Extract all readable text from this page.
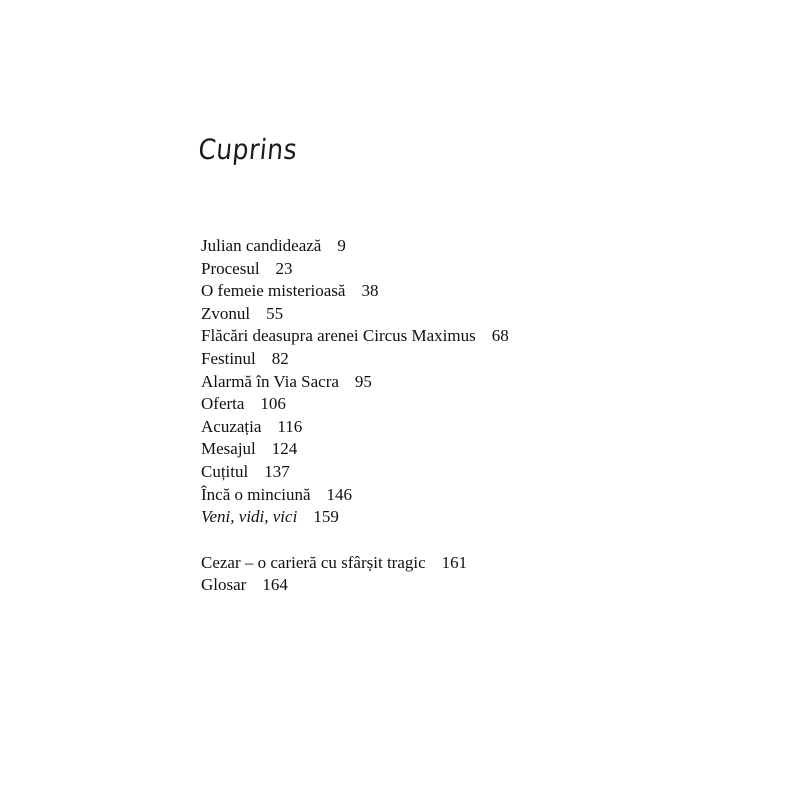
Cuprins
Julian candidează 9
Procesul 23
O femeie misterioasă 38
Zvonul 55
Flăcări deasupra arenei Circus Maximus 68
Festinul 82
Alarmă în Via Sacra 95
Oferta 106
Acuzația 116
Mesajul 124
Cuțitul 137
Încă o minciună 146
Veni, vidi, vici 159
Cezar – o carieră cu sfârșit tragic 161
Glosar 164
